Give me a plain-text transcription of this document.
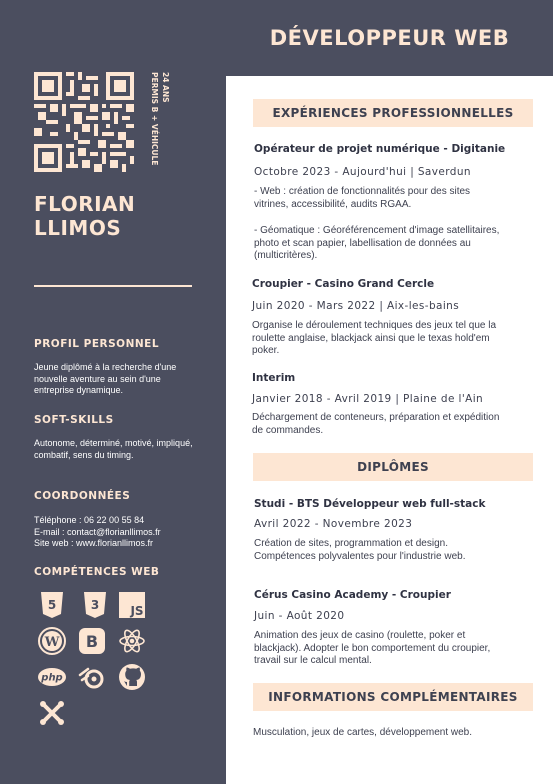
24 ANS
PERMIS B + VÉHICULE
FLORIAN
LLIMOS
PROFIL PERSONNEL
Jeune diplômé à la recherche d'une nouvelle aventure au sein d'une entreprise dynamique.
SOFT-SKILLS
Autonome, déterminé, motivé, impliqué, combatif, sens du timing.
COORDONNÉES
Téléphone : 06 22 00 55 84
E-mail : contact@florianllimos.fr
Site web : www.florianllimos.fr
COMPÉTENCES WEB
5	3	JS
W B
php
DÉVELOPPEUR WEB
EXPÉRIENCES PROFESSIONNELLES
Opérateur de projet numérique - Digitanie
Octobre 2023 - Aujourd'hui | Saverdun
- Web : création de fonctionnalités pour des sites vitrines, accessibilité, audits RGAA.
- Géomatique : Géoréférencement d'image satellitaires, photo et scan papier, labellisation de données au (multicritères).
Croupier - Casino Grand Cercle
Juin 2020 - Mars 2022 | Aix-les-bains
Organise le déroulement techniques des jeux tel que la roulette anglaise, blackjack ainsi que le texas hold'em poker.
Interim
Janvier 2018 - Avril 2019 | Plaine de l'Ain
Déchargement de conteneurs, préparation et expédition de commandes.
DIPLÔMES
Studi - BTS Développeur web full-stack
Avril 2022 - Novembre 2023
Création de sites, programmation et design. Compétences polyvalentes pour l'industrie web.
Cérus Casino Academy - Croupier
Juin - Août 2020
Animation des jeux de casino (roulette, poker et blackjack). Adopter le bon comportement du croupier, travail sur le calcul mental.
INFORMATIONS COMPLÉMENTAIRES
Musculation, jeux de cartes, développement web.
